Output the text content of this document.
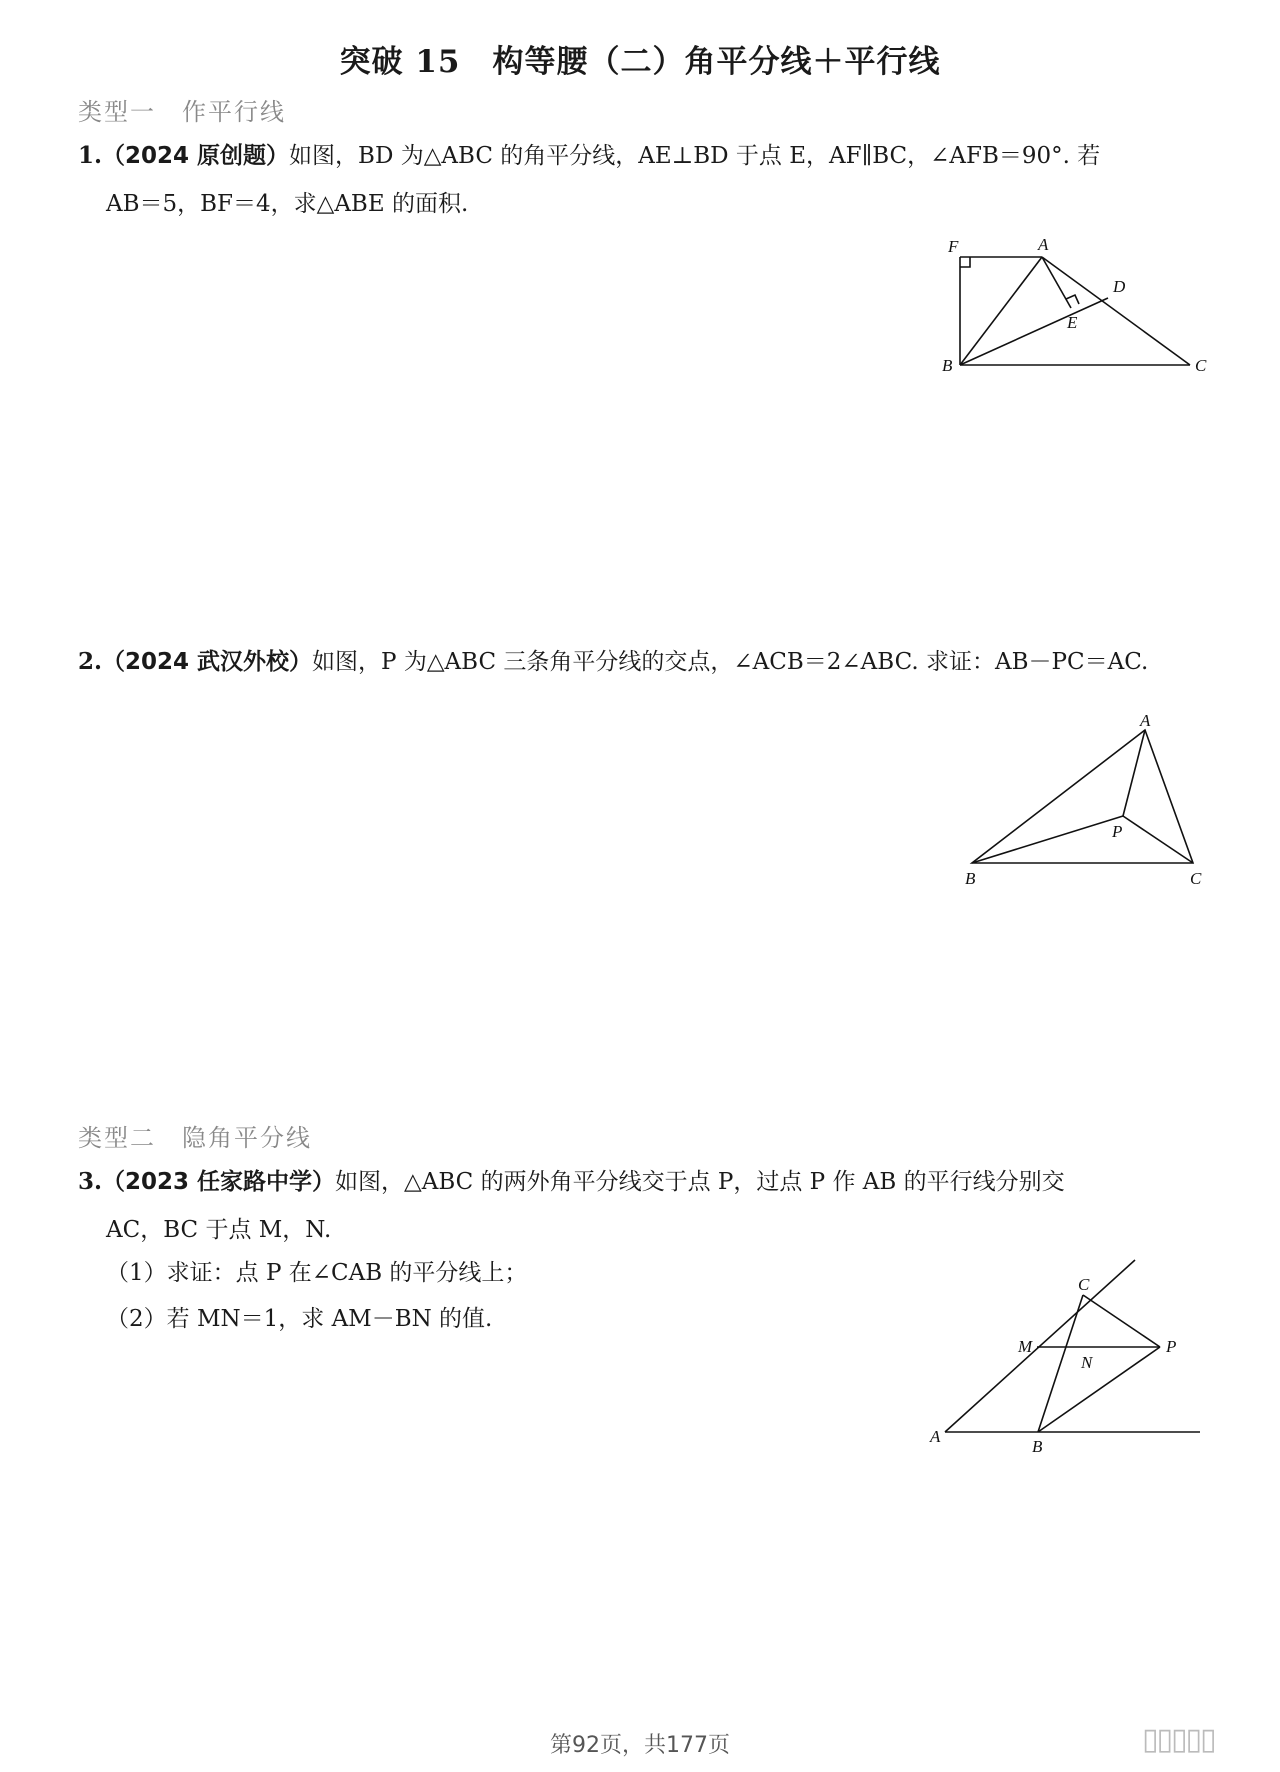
突破 15　构等腰（二）角平分线＋平行线
类型一　作平行线
1.（2024 原创题）如图，BD 为△ABC 的角平分线，AE⊥BD 于点 E，AF∥BC，∠AFB＝90°. 若
AB＝5，BF＝4，求△ABE 的面积.
F	A
D
E
B	C
2.（2024 武汉外校）如图，P 为△ABC 三条角平分线的交点，∠ACB＝2∠ABC. 求证：AB－PC＝AC.
A
P
B	C
类型二　隐角平分线
3.（2023 任家路中学）如图，△ABC 的两外角平分线交于点 P，过点 P 作 AB 的平行线分别交
AC，BC 于点 M，N.
（1）求证：点 P 在∠CAB 的平分线上；
（2）若 MN＝1，求 AM－BN 的值.
C
M	P
N
A
B
第92页，共177页	▯▯▯▯▯
